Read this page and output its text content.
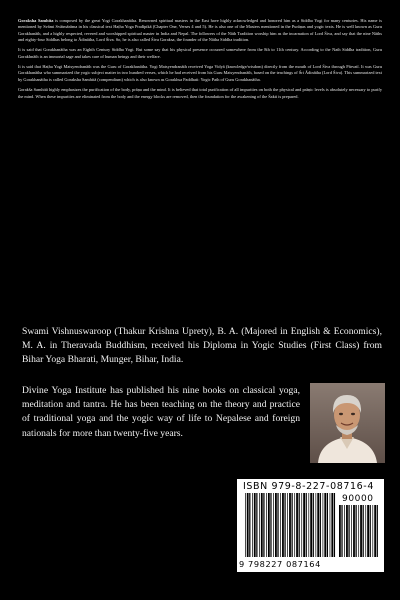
Goraksha Samhita is composed by the great Yogi Gorakhanātha. Renowned spiritual masters in the East have highly acknowledged and honored him as a Siddha Yogi for many centuries. His name is mentioned by Svāmi Svātmārāma in his classical text Haṭha Yoga Pradīpikā (Chapter One, Verses 4 and 5). He is also one of the Masters mentioned in the Purāṇas and yogic texts. He is well known as Guru Gorakhanāth, and a highly respected, revered and worshipped spiritual master in India and Nepal. The followers of the Nāth Tradition worship him as the incarnation of Lord Śiva, and say that the nine Nāths and eighty-four Siddhas belong to Ādinātha, Lord Śiva. So, he is also called Śiva Goraksa, the founder of the Nātha Siddha tradition.

It is said that Gorakhanātha was an Eighth Century Siddha Yogi. But some say that his physical presence occurred somewhere from the 8th to 11th century. According to the Nath Siddha tradition, Guru Gorakhnāth is an immortal sage and takes care of human beings and their welfare.

It is said that Haṭha Yogi Matsyendranāth was the Guru of Gorakhanātha. Yogi Matsyendranāth received Yoga Vidyā (knowledge/wisdom) directly from the mouth of Lord Śiva through Pārvatī. It was Guru Gorakhanātha who summarized the yogic subject matter in two hundred verses, which he had received from his Guru Matsyendranāth, based on the teachings of Śri Ādinātha (Lord Śiva). This summarized text by Gorakhanātha is called Goraksha Samhitā (compendium) which is also known as Gorakhsa Paddhati: Yogic Path of Guru Gorakhanātha.

Gorakša Samhitā highly emphasizes the purification of the body, prāṇa and the mind. It is believed that total purification of all impurities on both the physical and prāṇic levels is absolutely necessary to purify the mind. When these impurities are eliminated from the body and the energy blocks are removed, then the foundation for the awakening of the Śakti is prepared.

Swami Vishnuswaroop (Thakur Krishna Uprety), B. A. (Majored in English & Economics), M. A. in Theravada Buddhism, received his Diploma in Yogic Studies (First Class) from Bihar Yoga Bharati, Munger, Bihar, India.

Divine Yoga Institute has published his nine books on classical yoga, meditation and tantra. He has been teaching on the theory and practice of traditional yoga and the yogic way of life to Nepalese and foreign nationals for more than twenty-five years.
ISBN 979-8-227-08716-4
90000
9 798227 087164
